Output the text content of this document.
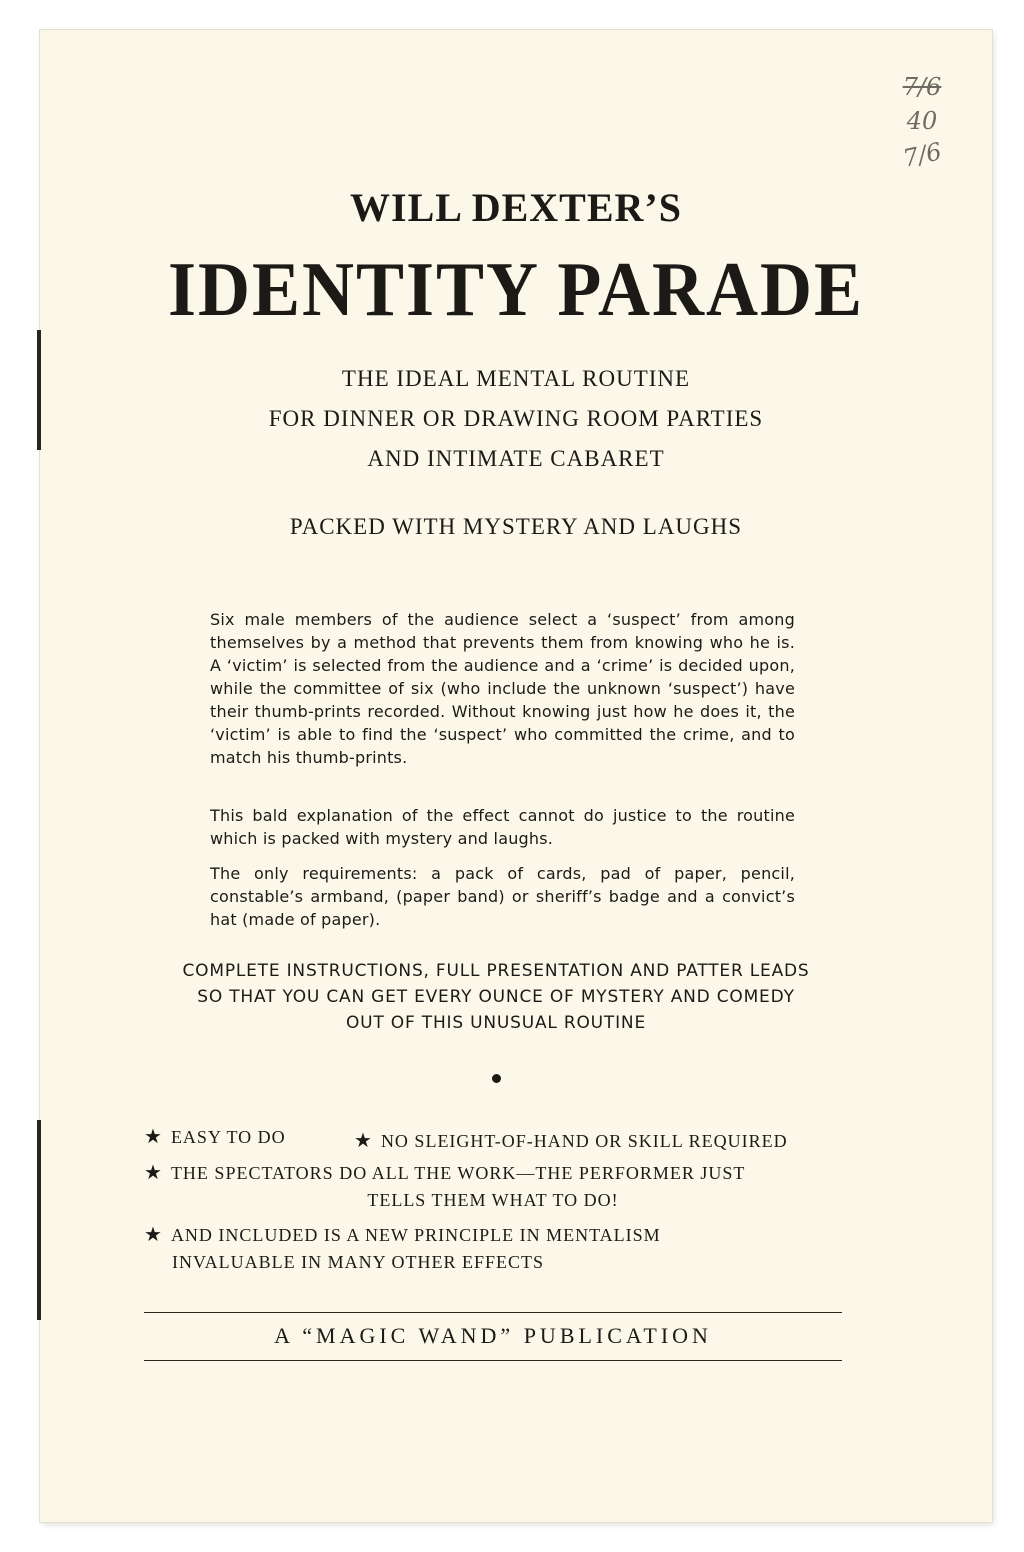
7/6
40
7/6
WILL DEXTER’S
IDENTITY PARADE
THE IDEAL MENTAL ROUTINE
FOR DINNER OR DRAWING ROOM PARTIES
AND INTIMATE CABARET
PACKED WITH MYSTERY AND LAUGHS
Six male members of the audience select a ‘suspect’ from among themselves by a method that prevents them from knowing who he is. A ‘victim’ is selected from the audience and a ‘crime’ is decided upon, while the committee of six (who include the unknown ‘suspect’) have their thumb-prints recorded. Without knowing just how he does it, the ‘victim’ is able to find the ‘suspect’ who committed the crime, and to match his thumb-prints.
This bald explanation of the effect cannot do justice to the routine which is packed with mystery and laughs.
The only requirements: a pack of cards, pad of paper, pencil, constable’s armband, (paper band) or sheriff’s badge and a convict’s hat (made of paper).
COMPLETE INSTRUCTIONS, FULL PRESENTATION AND PATTER LEADS
SO THAT YOU CAN GET EVERY OUNCE OF MYSTERY AND COMEDY
OUT OF THIS UNUSUAL ROUTINE
★ EASY TO DO	★ NO SLEIGHT-OF-HAND OR SKILL REQUIRED
★ THE SPECTATORS DO ALL THE WORK—THE PERFORMER JUST
TELLS THEM WHAT TO DO!
★ AND INCLUDED IS A NEW PRINCIPLE IN MENTALISM
INVALUABLE IN MANY OTHER EFFECTS
A “MAGIC WAND” PUBLICATION
